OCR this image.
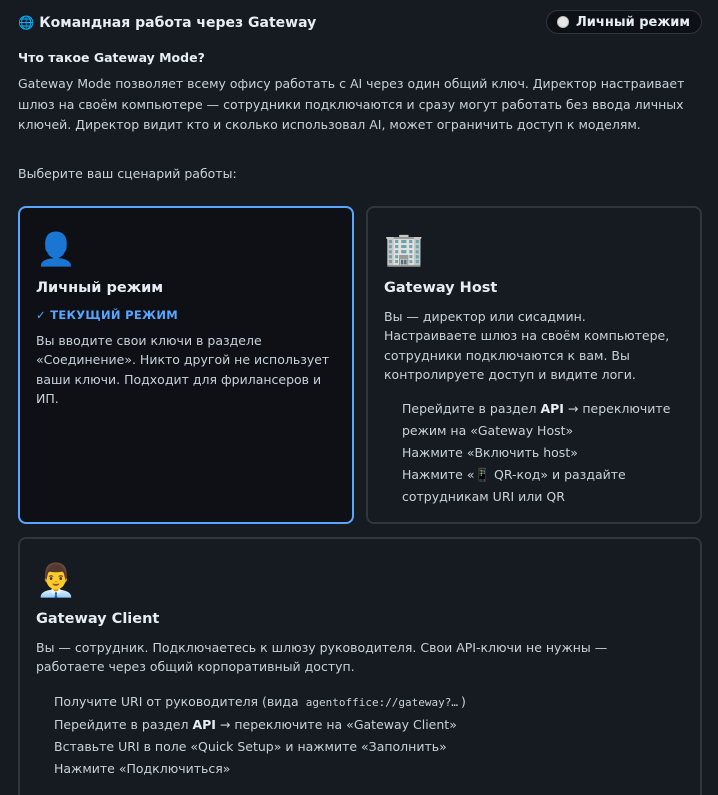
🌐 Командная работа через Gateway	Личный режим
Что такое Gateway Mode?
Gateway Mode позволяет всему офису работать с AI через один общий ключ. Директор настраивает шлюз на своём компьютере — сотрудники подключаются и сразу могут работать без ввода личных ключей. Директор видит кто и сколько использовал AI, может ограничить доступ к моделям.
Выберите ваш сценарий работы:
👤
Личный режим
✓ ТЕКУЩИЙ РЕЖИМ
Вы вводите свои ключи в разделе «Соединение». Никто другой не использует ваши ключи. Подходит для фрилансеров и ИП.
🏢
Gateway Host
Вы — директор или сисадмин. Настраиваете шлюз на своём компьютере, сотрудники подключаются к вам. Вы контролируете доступ и видите логи.
Перейдите в раздел API → переключите режим на «Gateway Host»
Нажмите «Включить host»
Нажмите «📱 QR-код» и раздайте сотрудникам URI или QR
👨‍💼
Gateway Client
Вы — сотрудник. Подключаетесь к шлюзу руководителя. Свои API-ключи не нужны — работаете через общий корпоративный доступ.
Получите URI от руководителя (вида agentoffice://gateway?… )
Перейдите в раздел API → переключите на «Gateway Client»
Вставьте URI в поле «Quick Setup» и нажмите «Заполнить»
Нажмите «Подключиться»
